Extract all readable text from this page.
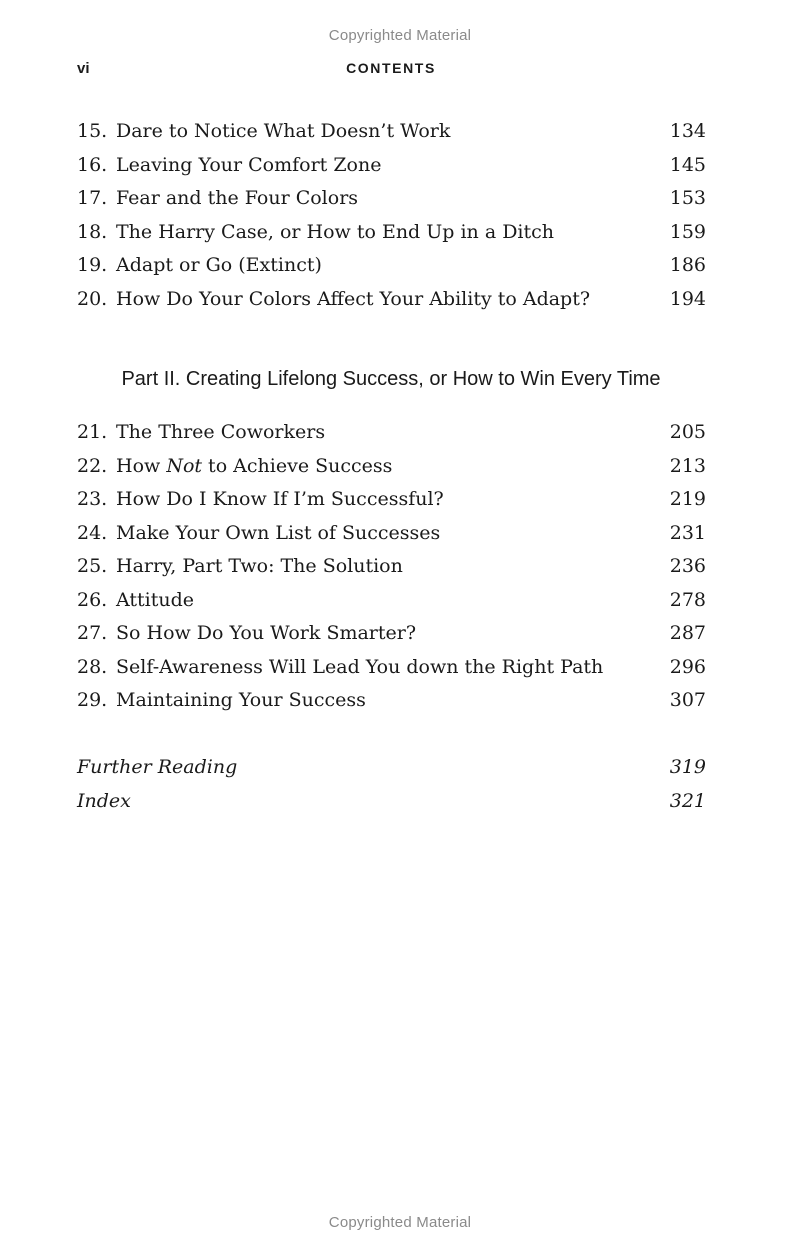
Copyrighted Material
vi	CONTENTS
15. Dare to Notice What Doesn’t Work	134
16. Leaving Your Comfort Zone	145
17. Fear and the Four Colors	153
18. The Harry Case, or How to End Up in a Ditch	159
19. Adapt or Go (Extinct)	186
20. How Do Your Colors Affect Your Ability to Adapt?	194
Part II. Creating Lifelong Success, or How to Win Every Time
21. The Three Coworkers	205
22. How Not to Achieve Success	213
23. How Do I Know If I’m Successful?	219
24. Make Your Own List of Successes	231
25. Harry, Part Two: The Solution	236
26. Attitude	278
27. So How Do You Work Smarter?	287
28. Self-Awareness Will Lead You down the Right Path	296
29. Maintaining Your Success	307
Further Reading	319
Index	321
Copyrighted Material
